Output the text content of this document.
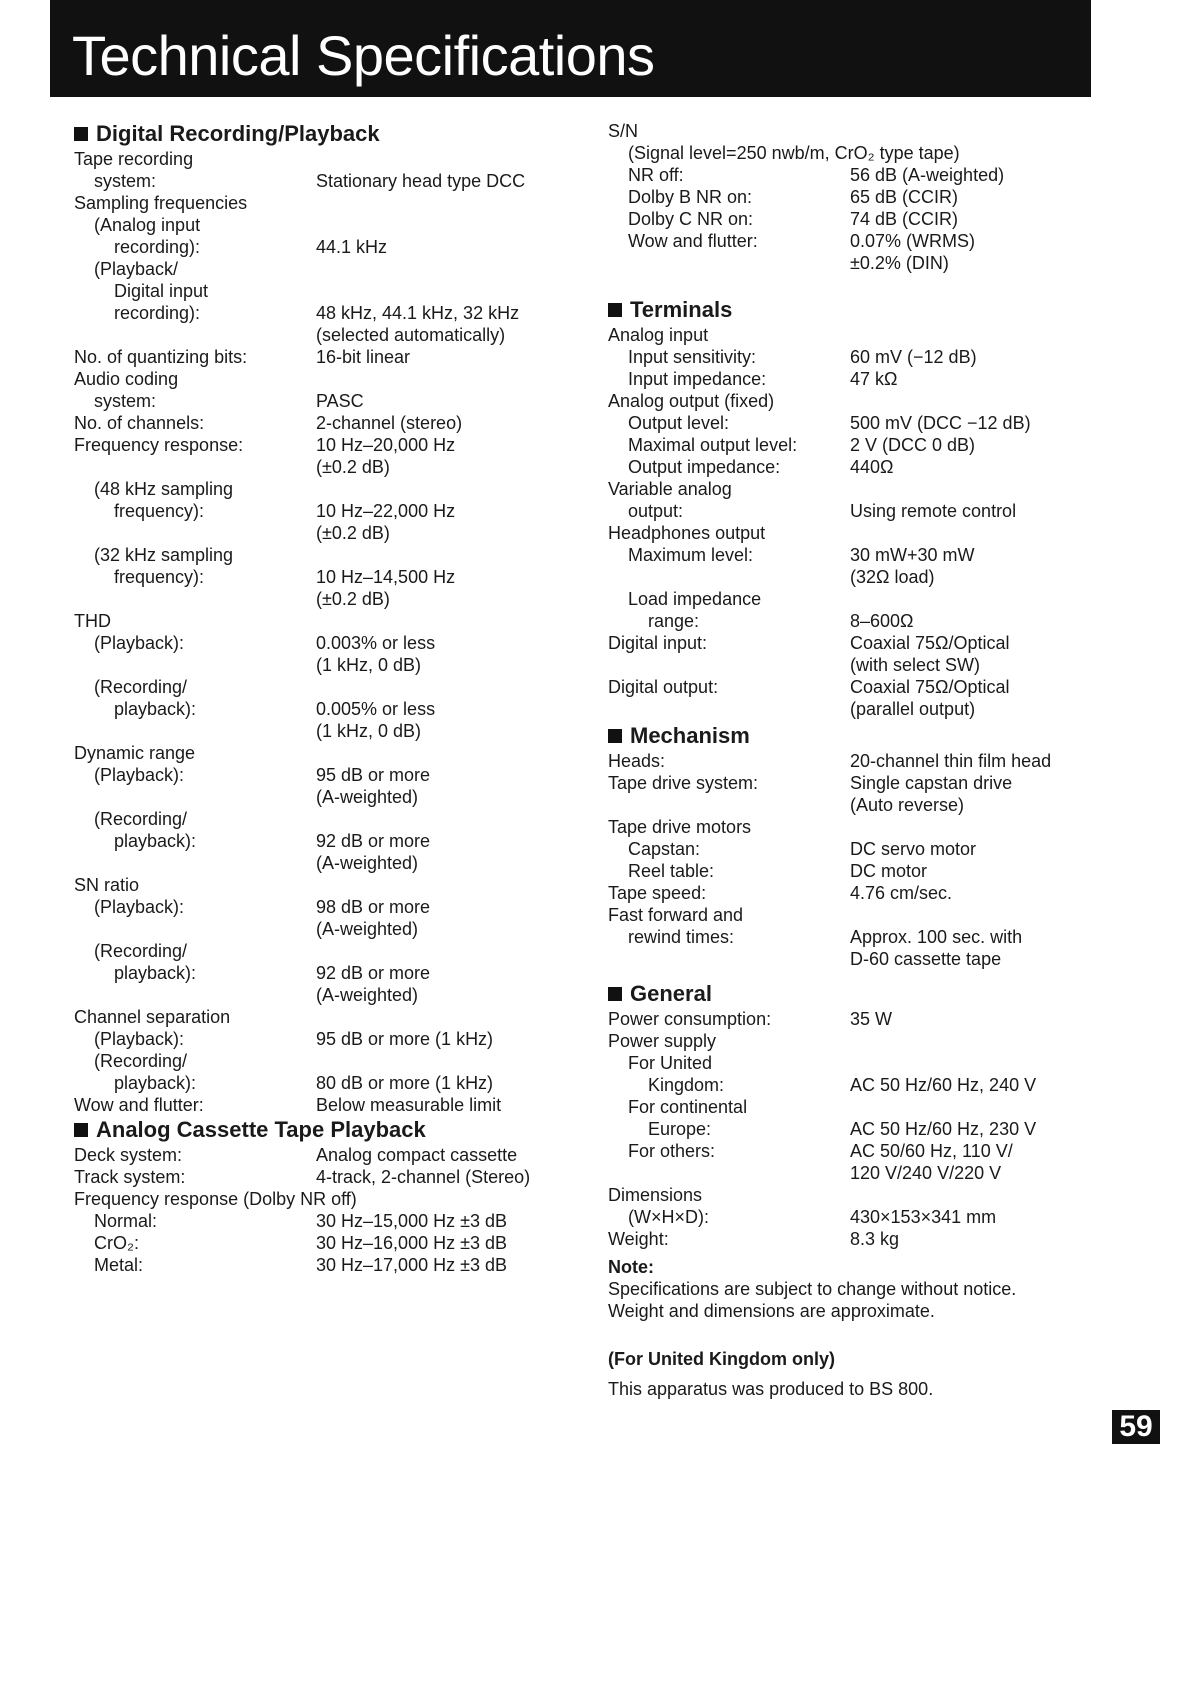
Technical Specifications
Digital Recording/Playback
Tape recording
system:	Stationary head type DCC
Sampling frequencies
(Analog input
recording):	44.1 kHz
(Playback/
Digital input
recording):	48 kHz, 44.1 kHz, 32 kHz
(selected automatically)
No. of quantizing bits:	16-bit linear
Audio coding
system:	PASC
No. of channels:	2-channel (stereo)
Frequency response:	10 Hz–20,000 Hz
(±0.2 dB)
(48 kHz sampling
frequency):	10 Hz–22,000 Hz
(±0.2 dB)
(32 kHz sampling
frequency):	10 Hz–14,500 Hz
(±0.2 dB)
THD
(Playback):	0.003% or less
(1 kHz, 0 dB)
(Recording/
playback):	0.005% or less
(1 kHz, 0 dB)
Dynamic range
(Playback):	95 dB or more
(A-weighted)
(Recording/
playback):	92 dB or more
(A-weighted)
SN ratio
(Playback):	98 dB or more
(A-weighted)
(Recording/
playback):	92 dB or more
(A-weighted)
Channel separation
(Playback):	95 dB or more (1 kHz)
(Recording/
playback):	80 dB or more (1 kHz)
Wow and flutter:	Below measurable limit
Analog Cassette Tape Playback
Deck system:	Analog compact cassette
Track system:	4-track, 2-channel (Stereo)
Frequency response (Dolby NR off)
Normal:	30 Hz–15,000 Hz ±3 dB
CrO₂:	30 Hz–16,000 Hz ±3 dB
Metal:	30 Hz–17,000 Hz ±3 dB
S/N
(Signal level=250 nwb/m, CrO₂ type tape)
NR off:	56 dB (A-weighted)
Dolby B NR on:	65 dB (CCIR)
Dolby C NR on:	74 dB (CCIR)
Wow and flutter:	0.07% (WRMS)
±0.2% (DIN)
Terminals
Analog input
Input sensitivity:	60 mV (−12 dB)
Input impedance:	47 kΩ
Analog output (fixed)
Output level:	500 mV (DCC −12 dB)
Maximal output level:	2 V (DCC 0 dB)
Output impedance:	440Ω
Variable analog
output:	Using remote control
Headphones output
Maximum level:	30 mW+30 mW
(32Ω load)
Load impedance
range:	8–600Ω
Digital input:	Coaxial 75Ω/Optical
(with select SW)
Digital output:	Coaxial 75Ω/Optical
(parallel output)
Mechanism
Heads:	20-channel thin film head
Tape drive system:	Single capstan drive
(Auto reverse)
Tape drive motors
Capstan:	DC servo motor
Reel table:	DC motor
Tape speed:	4.76 cm/sec.
Fast forward and
rewind times:	Approx. 100 sec. with
D-60 cassette tape
General
Power consumption:	35 W
Power supply
For United
Kingdom:	AC 50 Hz/60 Hz, 240 V
For continental
Europe:	AC 50 Hz/60 Hz, 230 V
For others:	AC 50/60 Hz, 110 V/
120 V/240 V/220 V
Dimensions
(W×H×D):	430×153×341 mm
Weight:	8.3 kg
Note:
Specifications are subject to change without notice.
Weight and dimensions are approximate.
(For United Kingdom only)
This apparatus was produced to BS 800.
59
